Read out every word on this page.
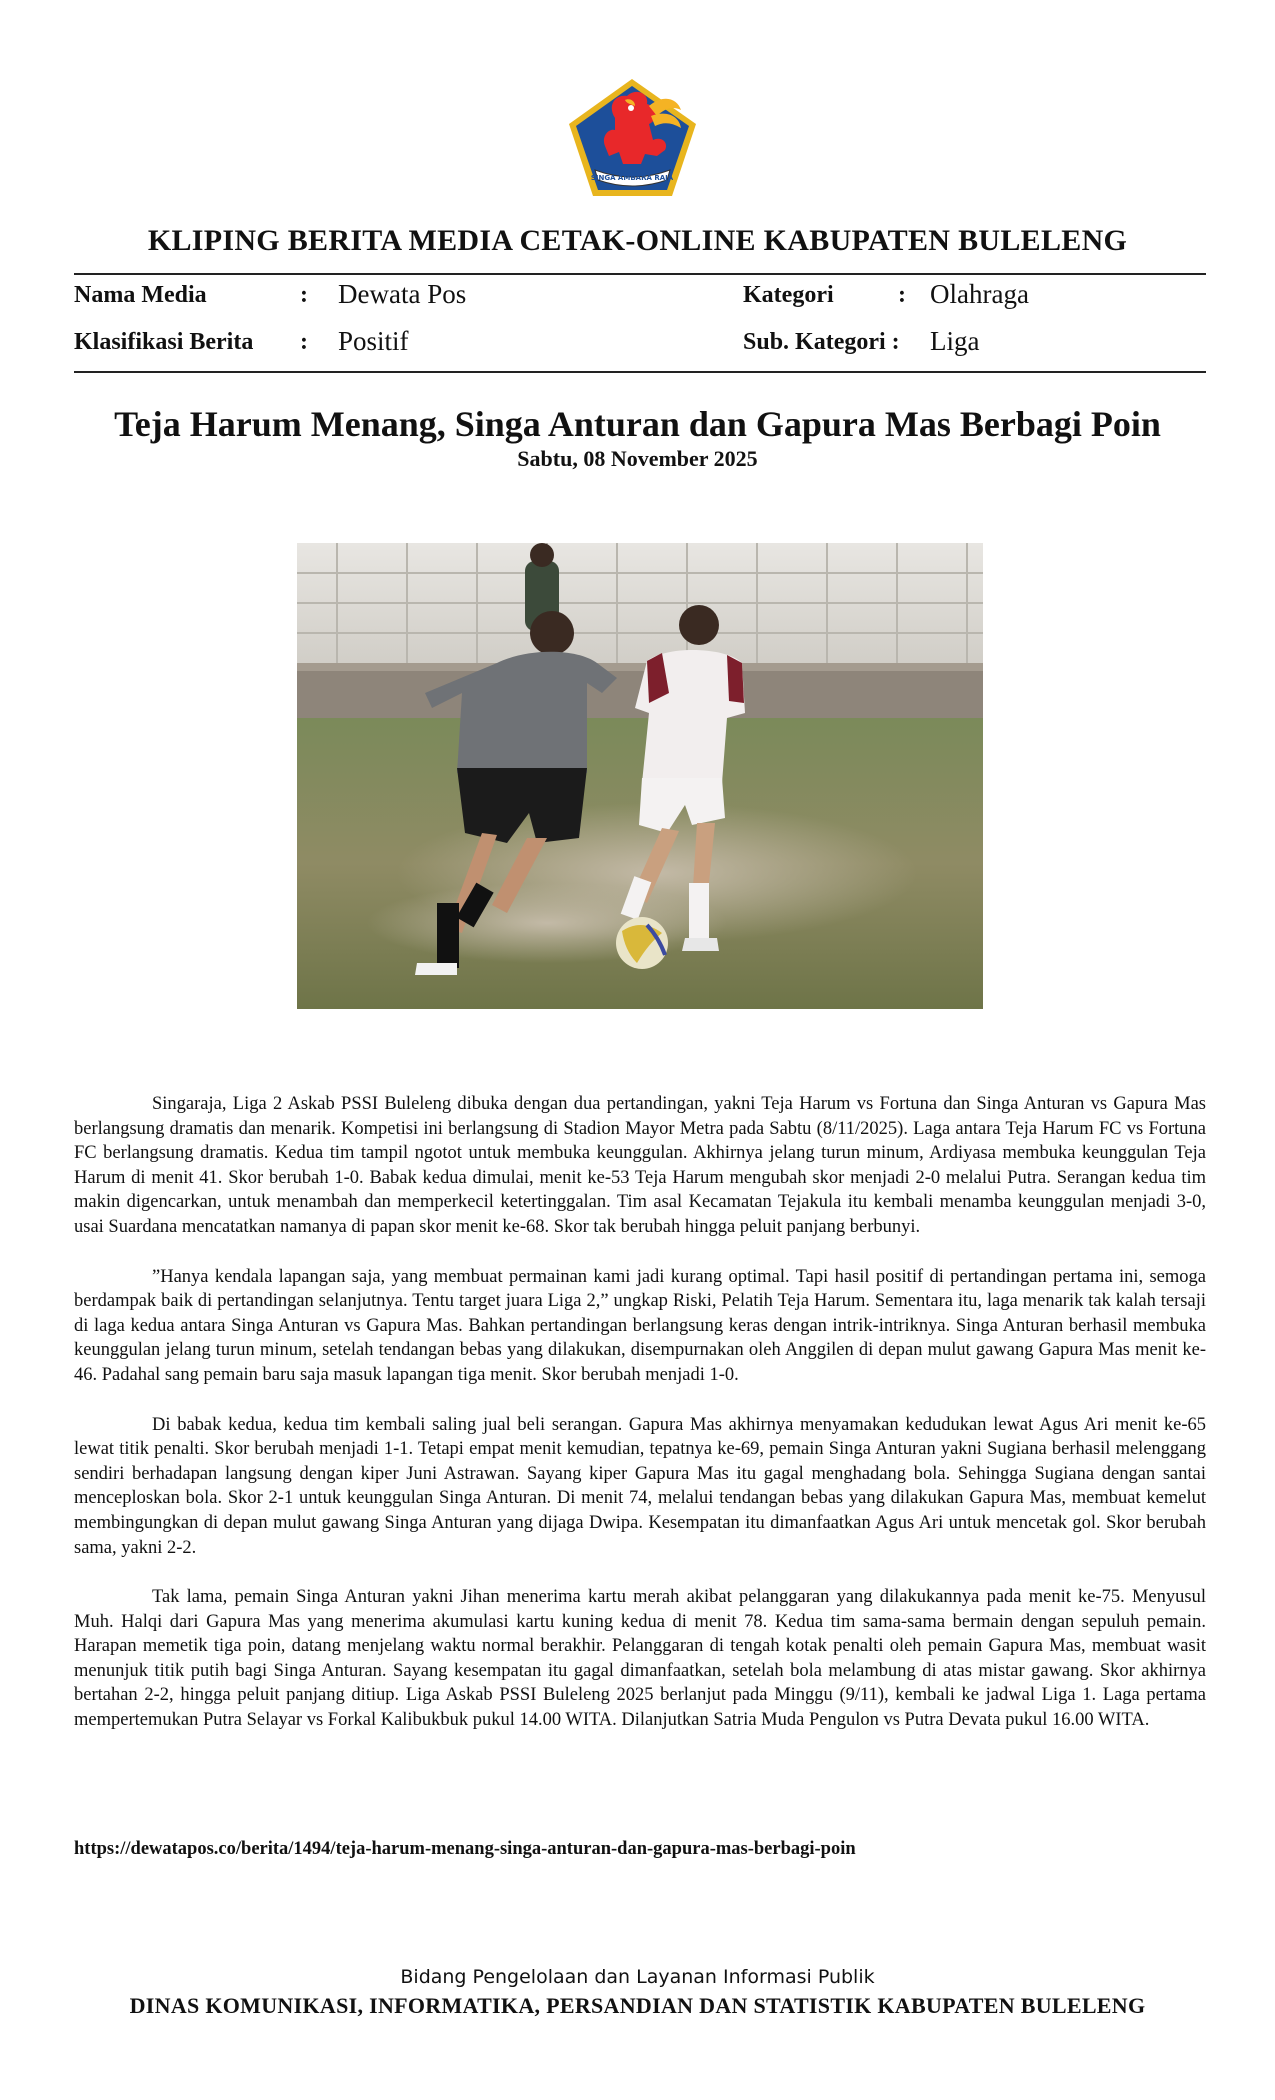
SINGA AMBARA RAJA
KLIPING BERITA MEDIA CETAK-ONLINE KABUPATEN BULELENG
Nama Media	: Dewata Pos	Kategori	: Olahraga
Klasifikasi Berita : Positif	Sub. Kategori : Liga
Teja Harum Menang, Singa Anturan dan Gapura Mas Berbagi Poin
Sabtu, 08 November 2025

Singaraja, Liga 2 Askab PSSI Buleleng dibuka dengan dua pertandingan, yakni Teja Harum vs Fortuna dan Singa Anturan vs Gapura Mas berlangsung dramatis dan menarik. Kompetisi ini berlangsung di Stadion Mayor Metra pada Sabtu (8/11/2025). Laga antara Teja Harum FC vs Fortuna FC berlangsung dramatis. Kedua tim tampil ngotot untuk membuka keunggulan. Akhirnya jelang turun minum, Ardiyasa membuka keunggulan Teja Harum di menit 41. Skor berubah 1-0. Babak kedua dimulai, menit ke-53 Teja Harum mengubah skor menjadi 2-0 melalui Putra. Serangan kedua tim makin digencarkan, untuk menambah dan memperkecil ketertinggalan. Tim asal Kecamatan Tejakula itu kembali menamba keunggulan menjadi 3-0, usai Suardana mencatatkan namanya di papan skor menit ke-68. Skor tak berubah hingga peluit panjang berbunyi.

”Hanya kendala lapangan saja, yang membuat permainan kami jadi kurang optimal. Tapi hasil positif di pertandingan pertama ini, semoga berdampak baik di pertandingan selanjutnya. Tentu target juara Liga 2,” ungkap Riski, Pelatih Teja Harum. Sementara itu, laga menarik tak kalah tersaji di laga kedua antara Singa Anturan vs Gapura Mas. Bahkan pertandingan berlangsung keras dengan intrik-intriknya. Singa Anturan berhasil membuka keunggulan jelang turun minum, setelah tendangan bebas yang dilakukan, disempurnakan oleh Anggilen di depan mulut gawang Gapura Mas menit ke-46. Padahal sang pemain baru saja masuk lapangan tiga menit. Skor berubah menjadi 1-0.

Di babak kedua, kedua tim kembali saling jual beli serangan. Gapura Mas akhirnya menyamakan kedudukan lewat Agus Ari menit ke-65 lewat titik penalti. Skor berubah menjadi 1-1. Tetapi empat menit kemudian, tepatnya ke-69, pemain Singa Anturan yakni Sugiana berhasil melenggang sendiri berhadapan langsung dengan kiper Juni Astrawan. Sayang kiper Gapura Mas itu gagal menghadang bola. Sehingga Sugiana dengan santai menceploskan bola. Skor 2-1 untuk keunggulan Singa Anturan. Di menit 74, melalui tendangan bebas yang dilakukan Gapura Mas, membuat kemelut membingungkan di depan mulut gawang Singa Anturan yang dijaga Dwipa. Kesempatan itu dimanfaatkan Agus Ari untuk mencetak gol. Skor berubah sama, yakni 2-2.

Tak lama, pemain Singa Anturan yakni Jihan menerima kartu merah akibat pelanggaran yang dilakukannya pada menit ke-75. Menyusul Muh. Halqi dari Gapura Mas yang menerima akumulasi kartu kuning kedua di menit 78. Kedua tim sama-sama bermain dengan sepuluh pemain. Harapan memetik tiga poin, datang menjelang waktu normal berakhir. Pelanggaran di tengah kotak penalti oleh pemain Gapura Mas, membuat wasit menunjuk titik putih bagi Singa Anturan. Sayang kesempatan itu gagal dimanfaatkan, setelah bola melambung di atas mistar gawang. Skor akhirnya bertahan 2-2, hingga peluit panjang ditiup. Liga Askab PSSI Buleleng 2025 berlanjut pada Minggu (9/11), kembali ke jadwal Liga 1. Laga pertama mempertemukan Putra Selayar vs Forkal Kalibukbuk pukul 14.00 WITA. Dilanjutkan Satria Muda Pengulon vs Putra Devata pukul 16.00 WITA.

https://dewatapos.co/berita/1494/teja-harum-menang-singa-anturan-dan-gapura-mas-berbagi-poin
Bidang Pengelolaan dan Layanan Informasi Publik
DINAS KOMUNIKASI, INFORMATIKA, PERSANDIAN DAN STATISTIK KABUPATEN BULELENG
